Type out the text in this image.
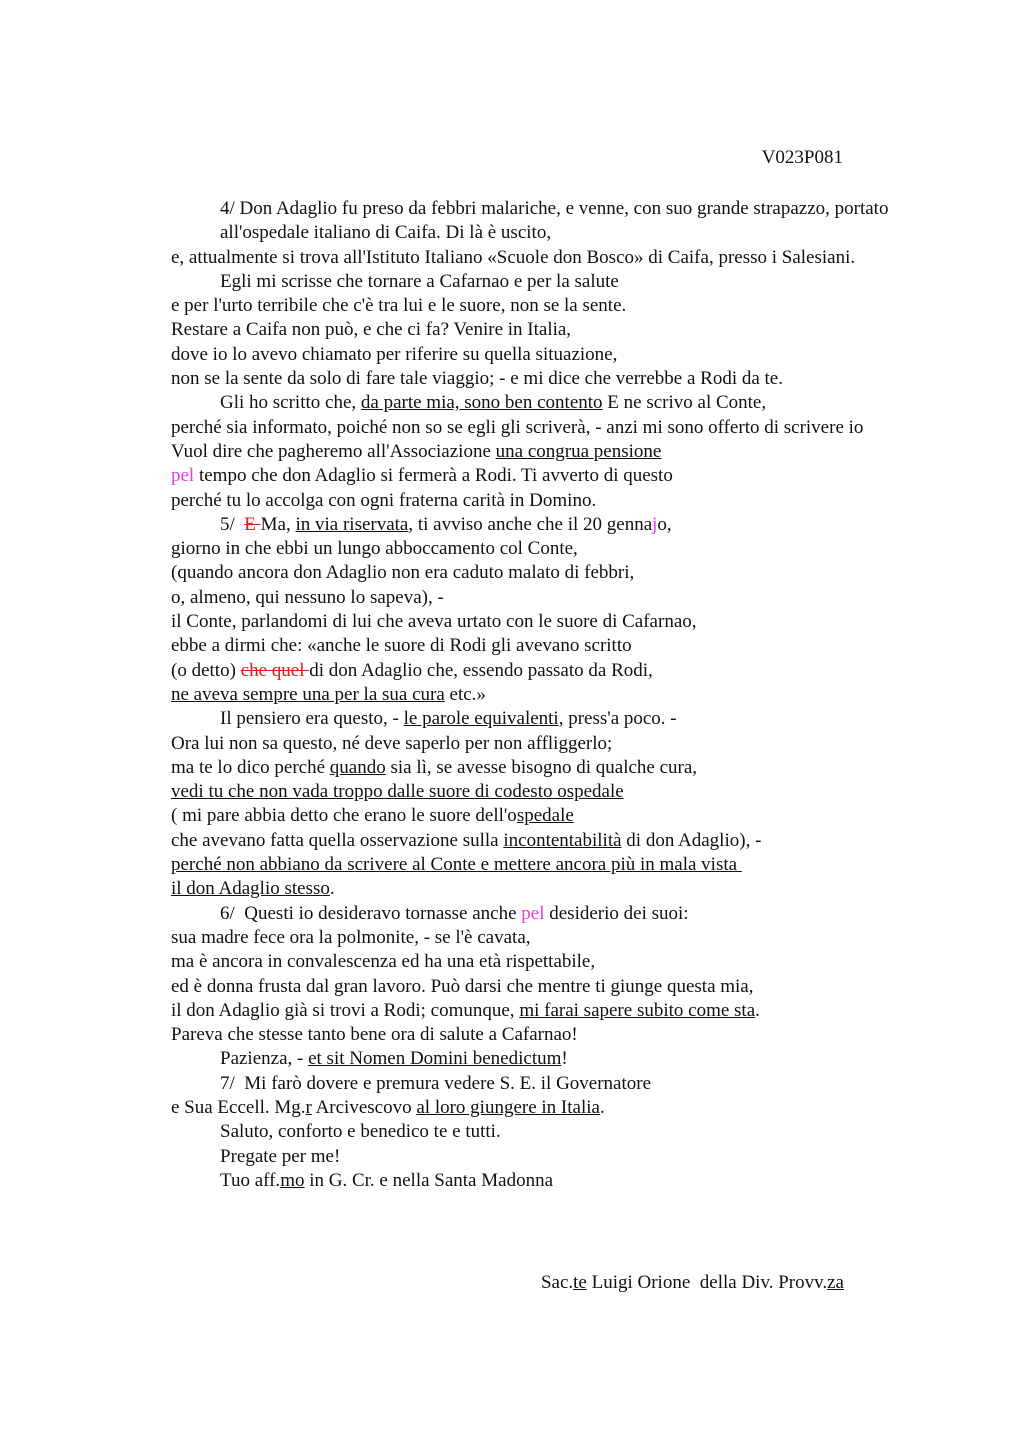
V023P081
4/ Don Adaglio fu preso da febbri malariche, e venne, con suo grande strapazzo, portato all'ospedale italiano di Caifa. Di là è uscito,
e, attualmente si trova all'Istituto Italiano «Scuole don Bosco» di Caifa, presso i Salesiani.
Egli mi scrisse che tornare a Cafarnao e per la salute
e per l'urto terribile che c'è tra lui e le suore, non se la sente.
Restare a Caifa non può, e che ci fa? Venire in Italia,
dove io lo avevo chiamato per riferire su quella situazione,
non se la sente da solo di fare tale viaggio; - e mi dice che verrebbe a Rodi da te.
Gli ho scritto che, da parte mia, sono ben contento E ne scrivo al Conte,
perché sia informato, poiché non so se egli gli scriverà, - anzi mi sono offerto di scrivere io
Vuol dire che pagheremo all'Associazione una congrua pensione
pel tempo che don Adaglio si fermerà a Rodi. Ti avverto di questo
perché tu lo accolga con ogni fraterna carità in Domino.
5/  E Ma, in via riservata, ti avviso anche che il 20 gennajo,
giorno in che ebbi un lungo abboccamento col Conte,
(quando ancora don Adaglio non era caduto malato di febbri,
o, almeno, qui nessuno lo sapeva), -
il Conte, parlandomi di lui che aveva urtato con le suore di Cafarnao,
ebbe a dirmi che: «anche le suore di Rodi gli avevano scritto
(o detto) che quel di don Adaglio che, essendo passato da Rodi,
ne aveva sempre una per la sua cura etc.»
Il pensiero era questo, - le parole equivalenti, press'a poco. -
Ora lui non sa questo, né deve saperlo per non affliggerlo;
ma te lo dico perché quando sia lì, se avesse bisogno di qualche cura,
vedi tu che non vada troppo dalle suore di codesto ospedale
( mi pare abbia detto che erano le suore dell'ospedale
che avevano fatta quella osservazione sulla incontentabilità di don Adaglio), -
perché non abbiano da scrivere al Conte e mettere ancora più in mala vista
il don Adaglio stesso.
6/  Questi io desideravo tornasse anche pel desiderio dei suoi:
sua madre fece ora la polmonite, - se l'è cavata,
ma è ancora in convalescenza ed ha una età rispettabile,
ed è donna frusta dal gran lavoro. Può darsi che mentre ti giunge questa mia,
il don Adaglio già si trovi a Rodi; comunque, mi farai sapere subito come sta.
Pareva che stesse tanto bene ora di salute a Cafarnao!
Pazienza, - et sit Nomen Domini benedictum!
7/  Mi farò dovere e premura vedere S. E. il Governatore
e Sua Eccell. Mg.r Arcivescovo al loro giungere in Italia.
Saluto, conforto e benedico te e tutti.
Pregate per me!
Tuo aff.mo in G. Cr. e nella Santa Madonna
Sac.te Luigi Orione  della Div. Provv.za
